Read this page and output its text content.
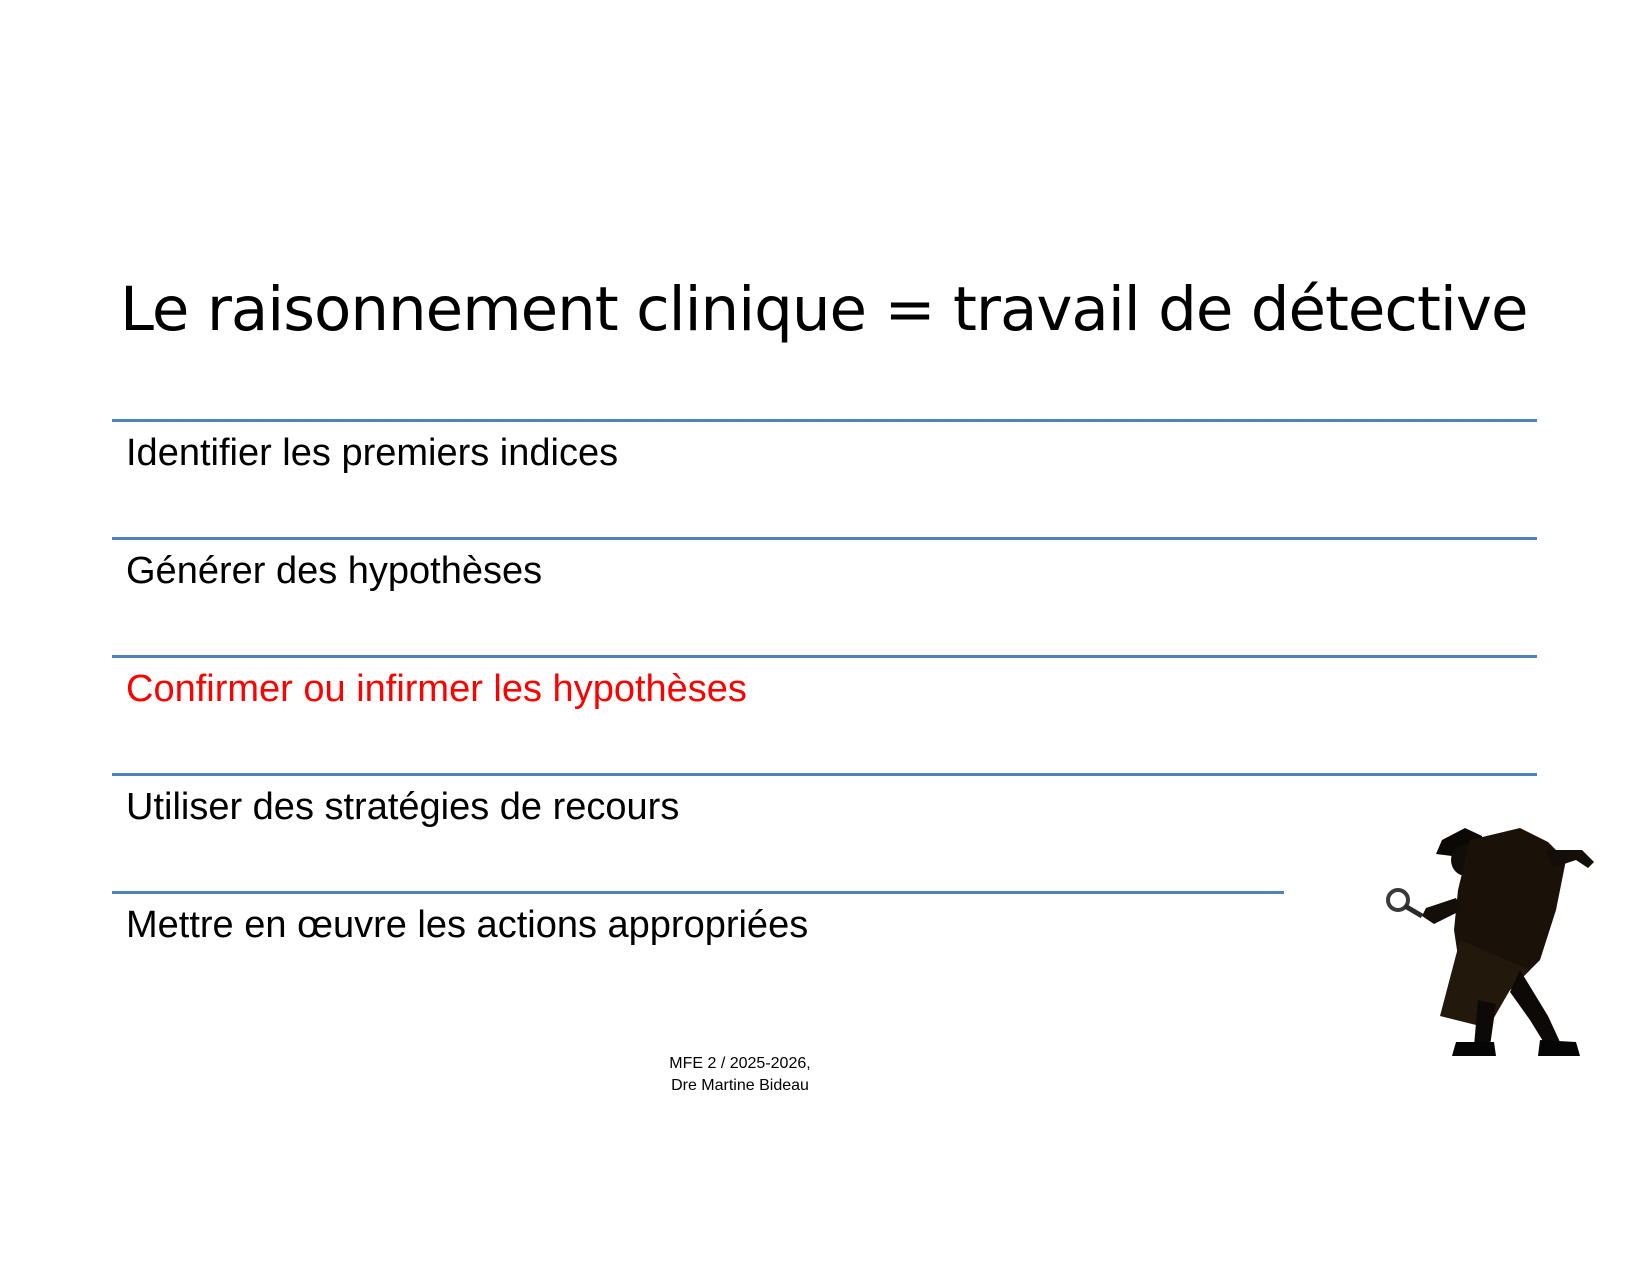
Le raisonnement clinique = travail de détective
Identifier les premiers indices
Générer des hypothèses
Confirmer ou infirmer les hypothèses
Utiliser des stratégies de recours
Mettre en œuvre les actions appropriées
MFE 2 / 2025-2026,
Dre Martine Bideau
